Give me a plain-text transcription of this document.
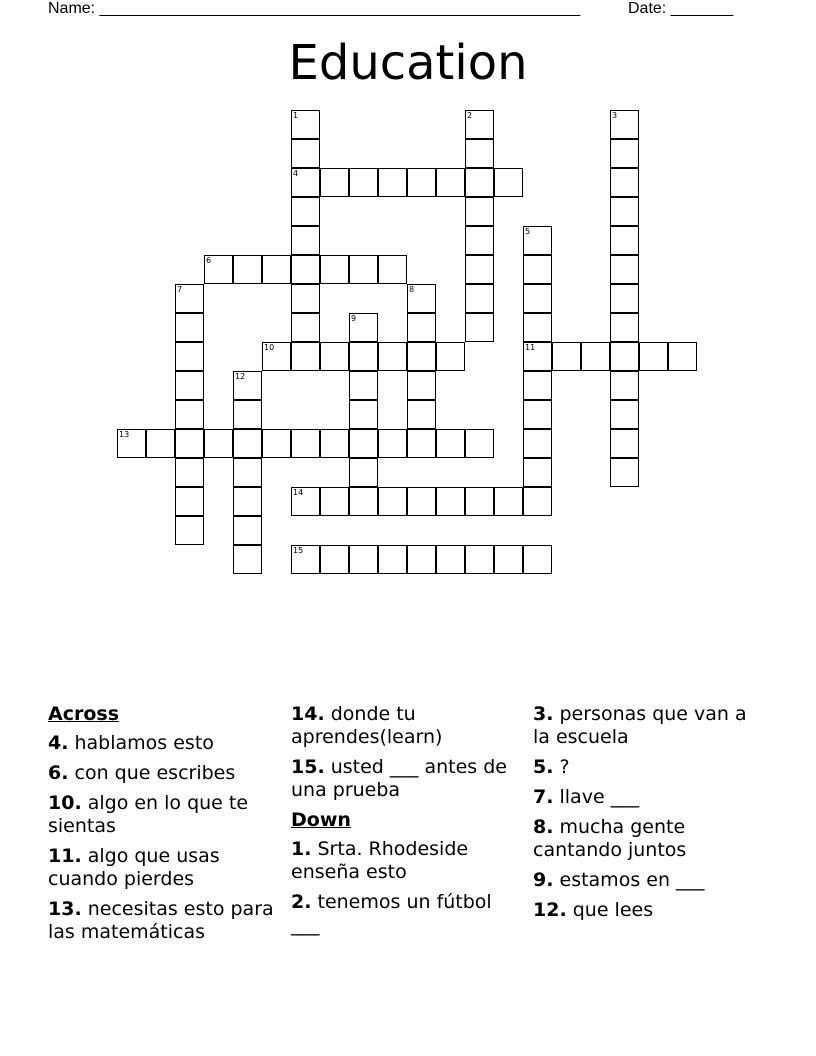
Name: ______________________________________________________	Date: _______
Education
1
4
2	3
5
11
6
7	8
9
10
12
13
14
15
Across
4. hablamos esto
6. con que escribes
10. algo en lo que te sientas
11. algo que usas cuando pierdes
13. necesitas esto para las matemáticas
14. donde tu aprendes(learn)
15. usted ___ antes de una prueba
Down
1. Srta. Rhodeside enseña esto
2. tenemos un fútbol ___
3. personas que van a la escuela
5. ?
7. llave ___
8. mucha gente cantando juntos
9. estamos en ___
12. que lees
